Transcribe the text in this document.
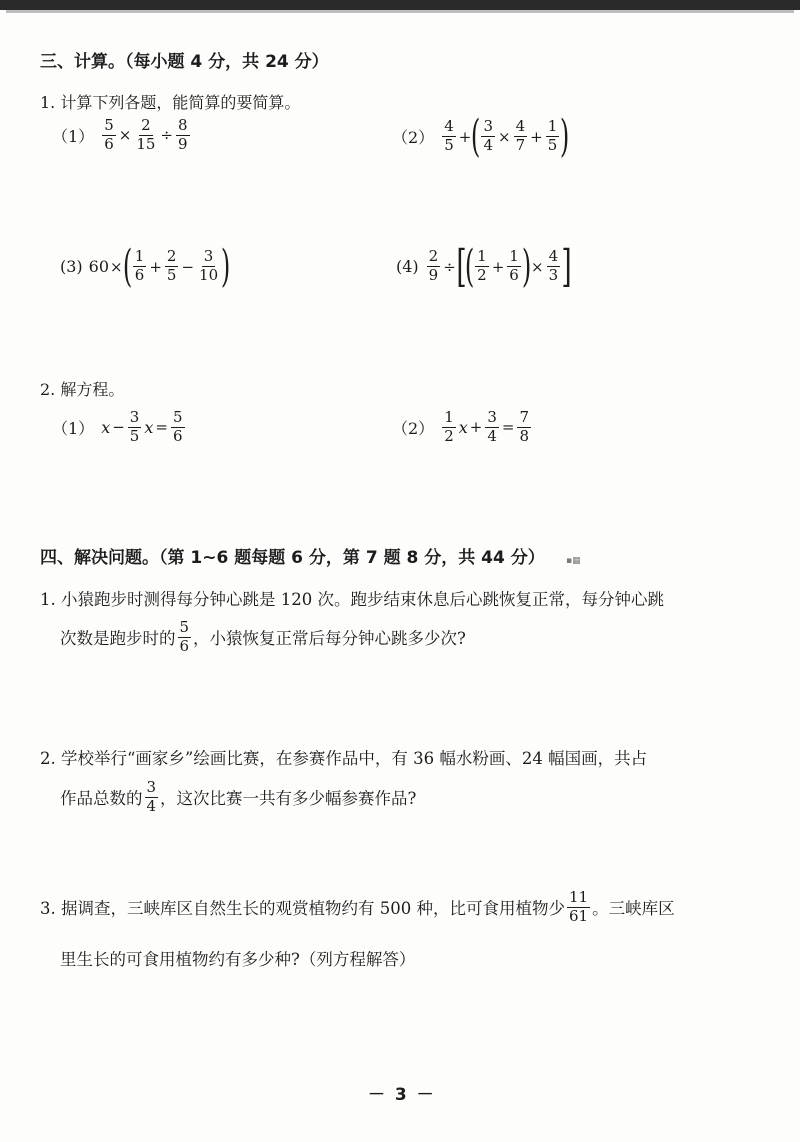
三、计算。（每小题 4 分，共 24 分）
1. 计算下列各题，能简算的要简算。
$(1) \frac{5}{6} \times \frac{2}{15} \div \frac{8}{9}$	$(2) \frac{4}{5}$ + ( $\frac{3}{4} \times \frac{4}{7} + \frac{1}{5}$ )
(3) 60 × ( $\frac{1}{6} + \frac{2}{5} - \frac{3}{10}$ )	$(4) \frac{2}{9}$ ÷ [
( $\frac{1}{2} + \frac{1}{6}$ ) × $\frac{4}{3}$ ]
2. 解方程。
（1） $x - \frac{3}{5}$ $x = \frac{5}{6}$	$(2) \frac{1}{2}$ $x + \frac{3}{4} = \frac{7}{8}$
四、解决问题。（第 1~6 题每题 6 分，第 7 题 8 分，共 44 分） ▪▦
1. 小猿跑步时测得每分钟心跳是 120 次。跑步结束休息后心跳恢复正常，每分钟心跳
次数是跑步时的 $\frac{5}{6}$ ，小猿恢复正常后每分钟心跳多少次?
2. 学校举行“画家乡”绘画比赛，在参赛作品中，有 36 幅水粉画、24 幅国画，共占
作品总数的 $\frac{3}{4}$ ，这次比赛一共有多少幅参赛作品?
3. 据调查，三峡库区自然生长的观赏植物约有 500 种，比可食用植物少 $\frac{11}{61}$ 。三峡库区
里生长的可食用植物约有多少种?（列方程解答）
－ 3 －
